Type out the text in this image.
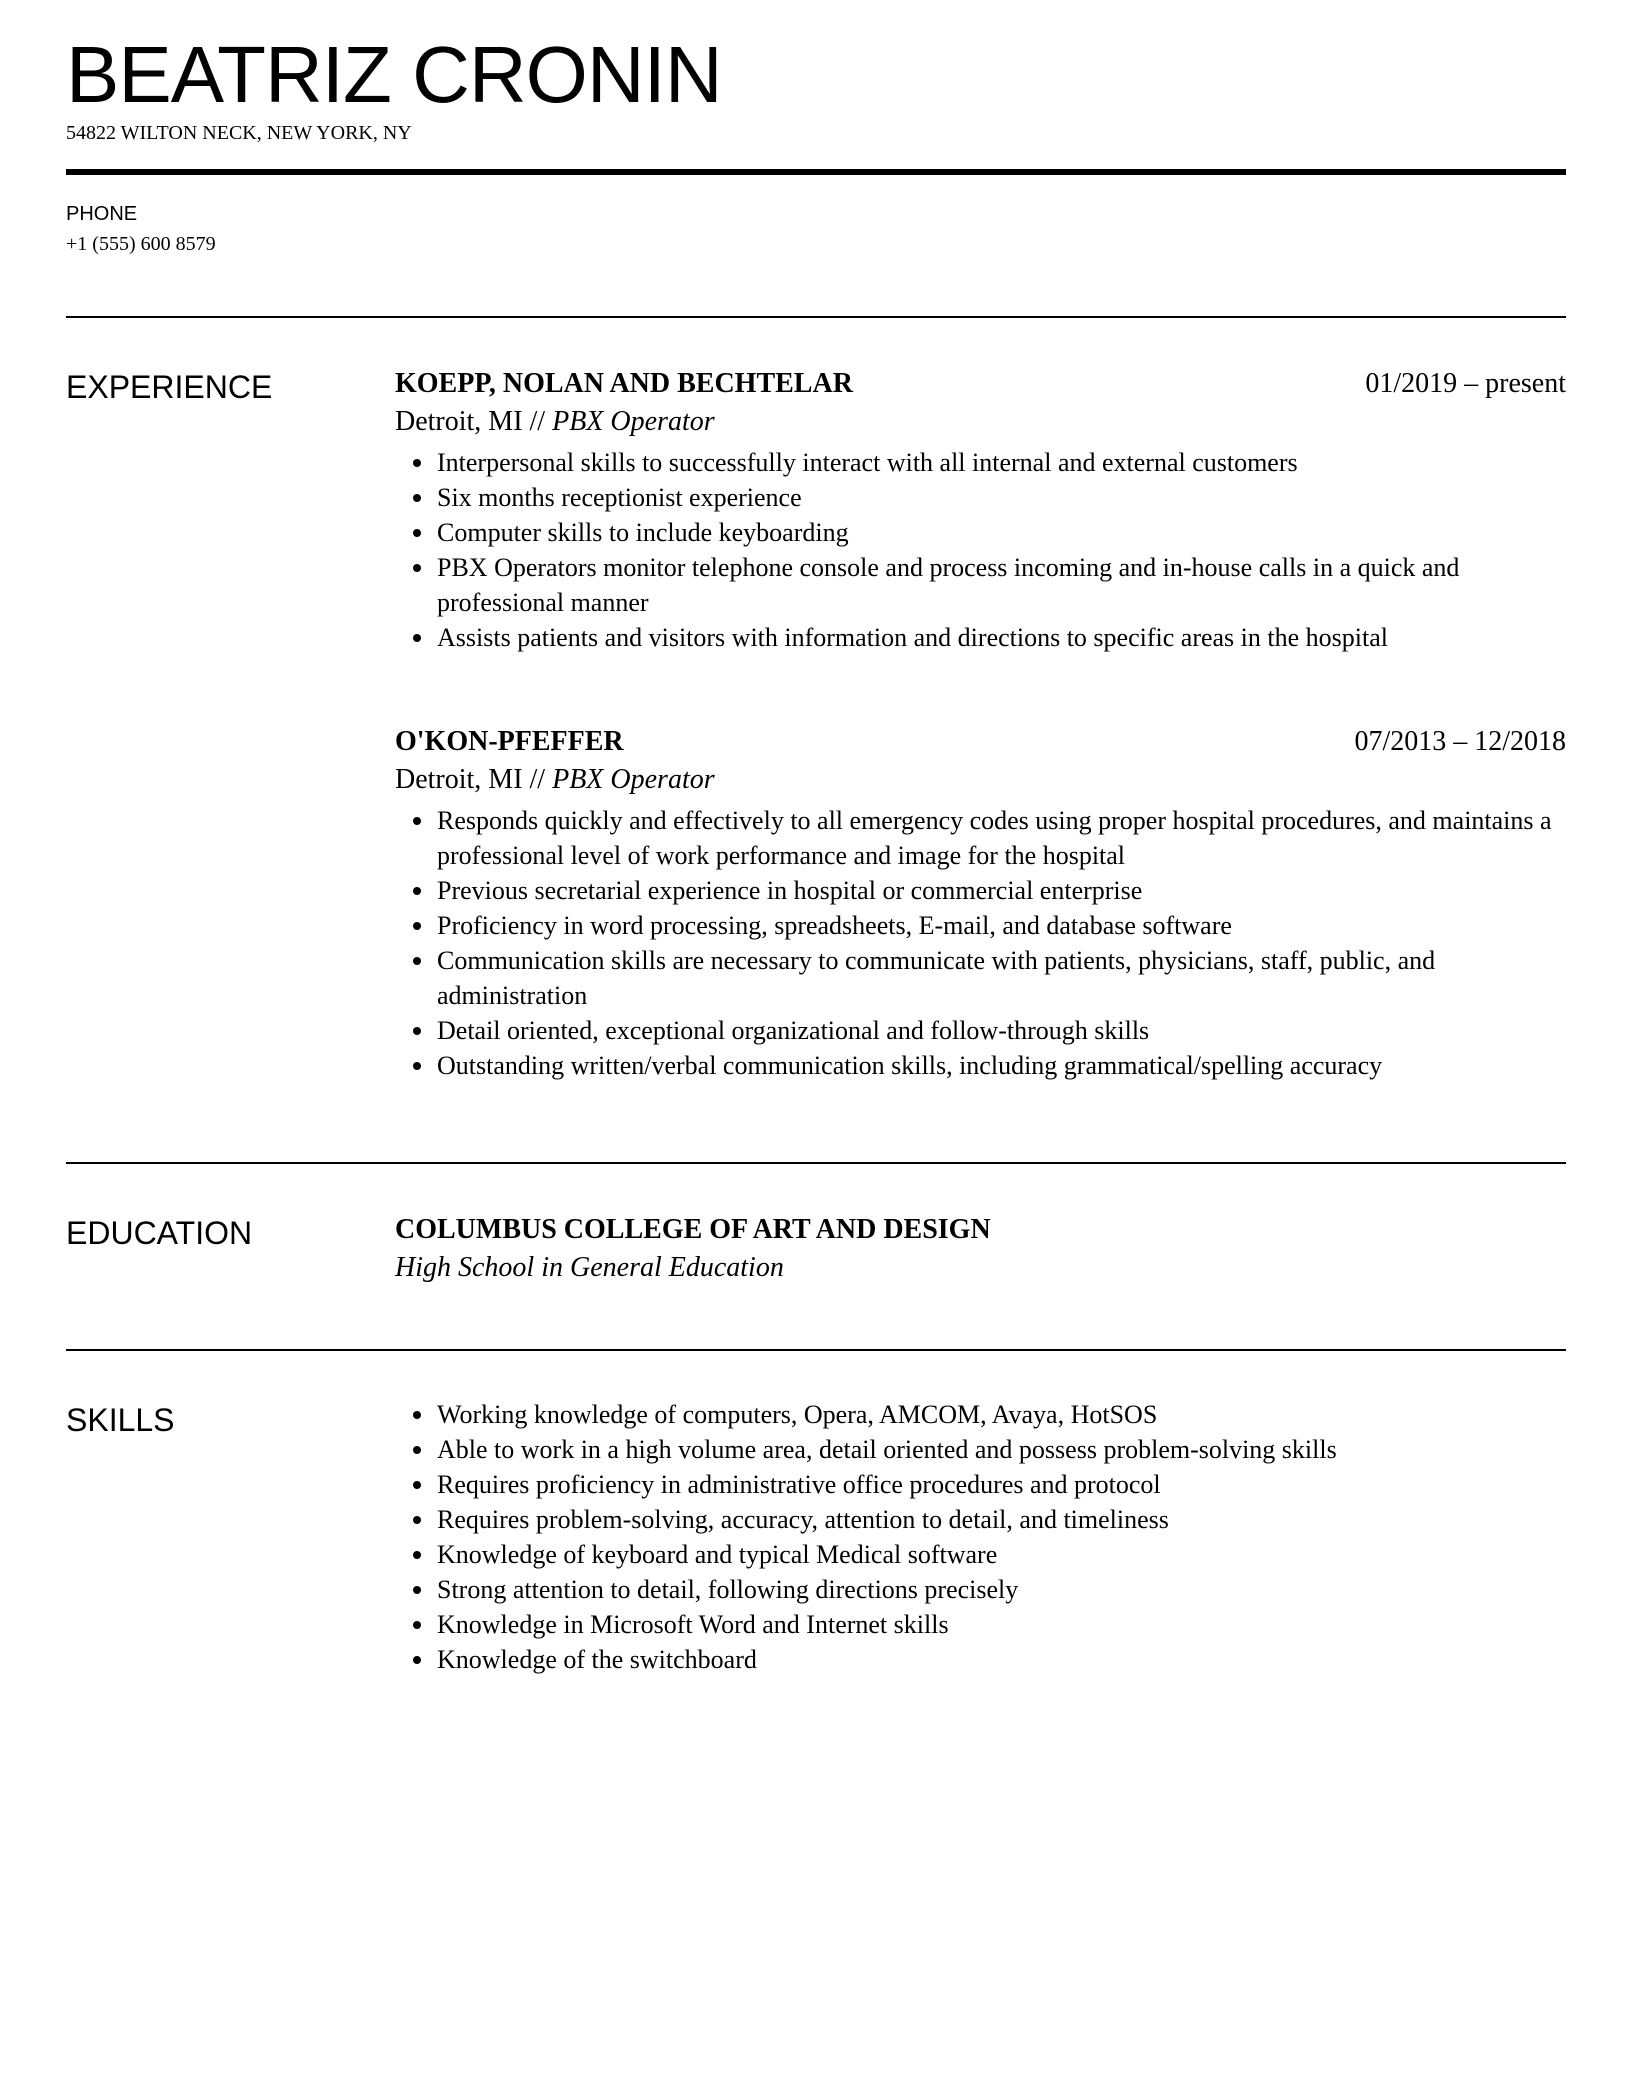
BEATRIZ CRONIN
54822 WILTON NECK, NEW YORK, NY
PHONE
+1 (555) 600 8579
EXPERIENCE	KOEPP, NOLAN AND BECHTELAR	01/2019 – present
Detroit, MI // PBX Operator
Interpersonal skills to successfully interact with all internal and external customers
Six months receptionist experience
Computer skills to include keyboarding
PBX Operators monitor telephone console and process incoming and in-house calls in a quick and professional manner
Assists patients and visitors with information and directions to specific areas in the hospital
O'KON-PFEFFER	07/2013 – 12/2018
Detroit, MI // PBX Operator
Responds quickly and effectively to all emergency codes using proper hospital procedures, and maintains a professional level of work performance and image for the hospital
Previous secretarial experience in hospital or commercial enterprise
Proficiency in word processing, spreadsheets, E-mail, and database software
Communication skills are necessary to communicate with patients, physicians, staff, public, and administration
Detail oriented, exceptional organizational and follow-through skills
Outstanding written/verbal communication skills, including grammatical/spelling accuracy
EDUCATION	COLUMBUS COLLEGE OF ART AND DESIGN
High School in General Education
SKILLS	Working knowledge of computers, Opera, AMCOM, Avaya, HotSOS
Able to work in a high volume area, detail oriented and possess problem-solving skills
Requires proficiency in administrative office procedures and protocol
Requires problem-solving, accuracy, attention to detail, and timeliness
Knowledge of keyboard and typical Medical software
Strong attention to detail, following directions precisely
Knowledge in Microsoft Word and Internet skills
Knowledge of the switchboard
